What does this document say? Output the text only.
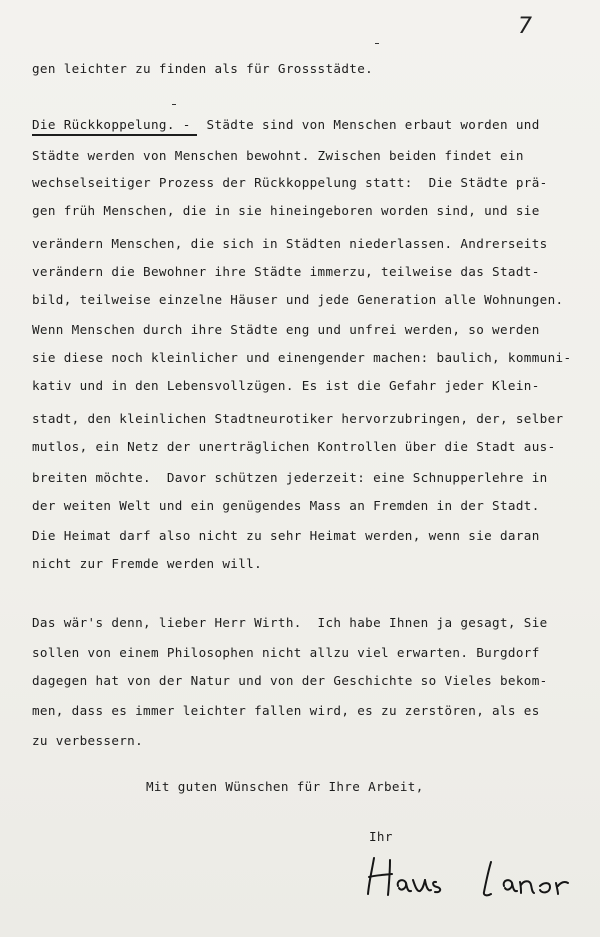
7
gen leichter zu finden als für Grossstädte.
Die Rückkoppelung. -  Städte sind von Menschen erbaut worden und
Städte werden von Menschen bewohnt. Zwischen beiden findet ein
wechselseitiger Prozess der Rückkoppelung statt:  Die Städte prä-
gen früh Menschen, die in sie hineingeboren worden sind, und sie
verändern Menschen, die sich in Städten niederlassen. Andrerseits
verändern die Bewohner ihre Städte immerzu, teilweise das Stadt-
bild, teilweise einzelne Häuser und jede Generation alle Wohnungen.
Wenn Menschen durch ihre Städte eng und unfrei werden, so werden
sie diese noch kleinlicher und einengender machen: baulich, kommuni-
kativ und in den Lebensvollzügen. Es ist die Gefahr jeder Klein-
stadt, den kleinlichen Stadtneurotiker hervorzubringen, der, selber
mutlos, ein Netz der unerträglichen Kontrollen über die Stadt aus-
breiten möchte.  Davor schützen jederzeit: eine Schnupperlehre in
der weiten Welt und ein genügendes Mass an Fremden in der Stadt.
Die Heimat darf also nicht zu sehr Heimat werden, wenn sie daran
nicht zur Fremde werden will.
Das wär's denn, lieber Herr Wirth.  Ich habe Ihnen ja gesagt, Sie
sollen von einem Philosophen nicht allzu viel erwarten. Burgdorf
dagegen hat von der Natur und von der Geschichte so Vieles bekom-
men, dass es immer leichter fallen wird, es zu zerstören, als es
zu verbessern.
Mit guten Wünschen für Ihre Arbeit,
Ihr
